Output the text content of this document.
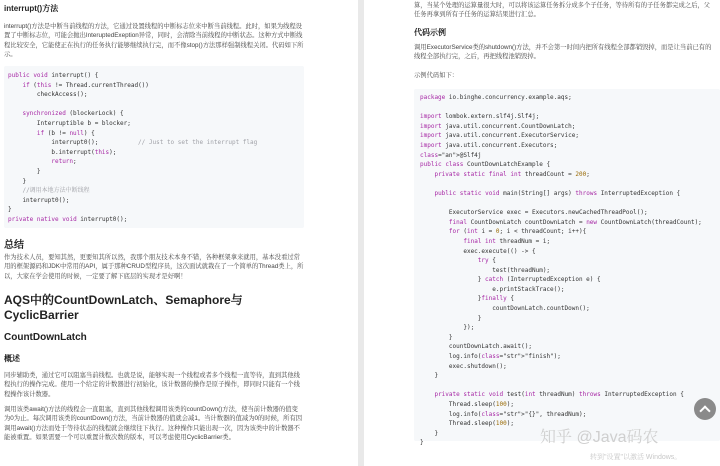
interrupt()方法
interrupt()方法是中断当前线程的方法，它通过设置线程的中断标志位来中断当前线程。此时，如果为线程设置了中断标志位，可能会抛出InteruptedExeption异常，同时，会清除当前线程的中断状态。这种方式中断线程比较安全，它能使正在执行的任务执行能够继续执行完，而不像stop()方法那样强制线程关闭。代码如下所示。
public void interrupt() {
if (this != Thread.currentThread())
checkAccess();

synchronized (blockerLock) {
Interruptible b = blocker;
if (b != null) {
interrupt0();           // Just to set the interrupt flag
b.interrupt(this);
return;
}
}
//调用本地方法中断线程
interrupt0();
}
private native void interrupt0();
总结
作为技术人员，要知其然，更要知其所以然，我那个朋友技术本身不错，各种框架拿来就用，基本没看过常用的框架源码和JDK中常用的API，属于那种CRUD型程序员，这次面试就栽在了一个简单的Thread类上，所以，大家在学会使用的时候，一定要了解下底层的实现才是好啊！
AQS中的CountDownLatch、Semaphore与
CyclicBarrier
CountDownLatch
概述
同步辅助类，通过它可以阻塞当前线程。也就是说，能够实现一个线程或者多个线程一直等待，直到其他线程执行的操作完成。使用一个给定的计数器进行初始化，该计数器的操作是原子操作，即同时只能有一个线程操作该计数器。
调用该类await()方法的线程会一直阻塞，直到其他线程调用该类的countDown()方法，使当前计数器的值变为0为止。每次调用该类的countDown()方法，当前计数器的值就会减1。当计数器的值减为0的时候，所有因调用await()方法而处于等待状态的线程就会继续往下执行。这种操作只能出现一次，因为该类中的计数器不能被重置。如果需要一个可以重置计数次数的版本，可以考虑使用CyclicBarrier类。
算，当某个处理的运算量很大时，可以将该运算任务拆分成多个子任务，等待所有的子任务都完成之后，父任务再拿到所有子任务的运算结果进行汇总。
代码示例
调用ExecutorService类的shutdown()方法，并不会第一时间内把所有线程全部都销毁掉，而是让当前已有的线程全部执行完，之后，再把线程池销毁掉。
示例代码如下：
package io.binghe.concurrency.example.aqs;

import lombok.extern.slf4j.Slf4j;
import java.util.concurrent.CountDownLatch;
import java.util.concurrent.ExecutorService;
import java.util.concurrent.Executors;
class="an">@Slf4j
public class CountDownLatchExample {
private static final int threadCount = 200;

public static void main(String[] args) throws InterruptedException {

ExecutorService exec = Executors.newCachedThreadPool();
final CountDownLatch countDownLatch = new CountDownLatch(threadCount);
for (int i = 0; i < threadCount; i++){
final int threadNum = i;
exec.execute(() -> {
try {
test(threadNum);
} catch (InterruptedException e) {
e.printStackTrace();
}finally {
countDownLatch.countDown();
}
});
}
countDownLatch.await();
log.info(class="str">"finish");
exec.shutdown();
}

private static void test(int threadNum) throws InterruptedException {
Thread.sleep(100);
log.info(class="str">"{}", threadNum);
Thread.sleep(100);
}
}	知乎 @Java码农
转到"设置"以激活 Windows。
